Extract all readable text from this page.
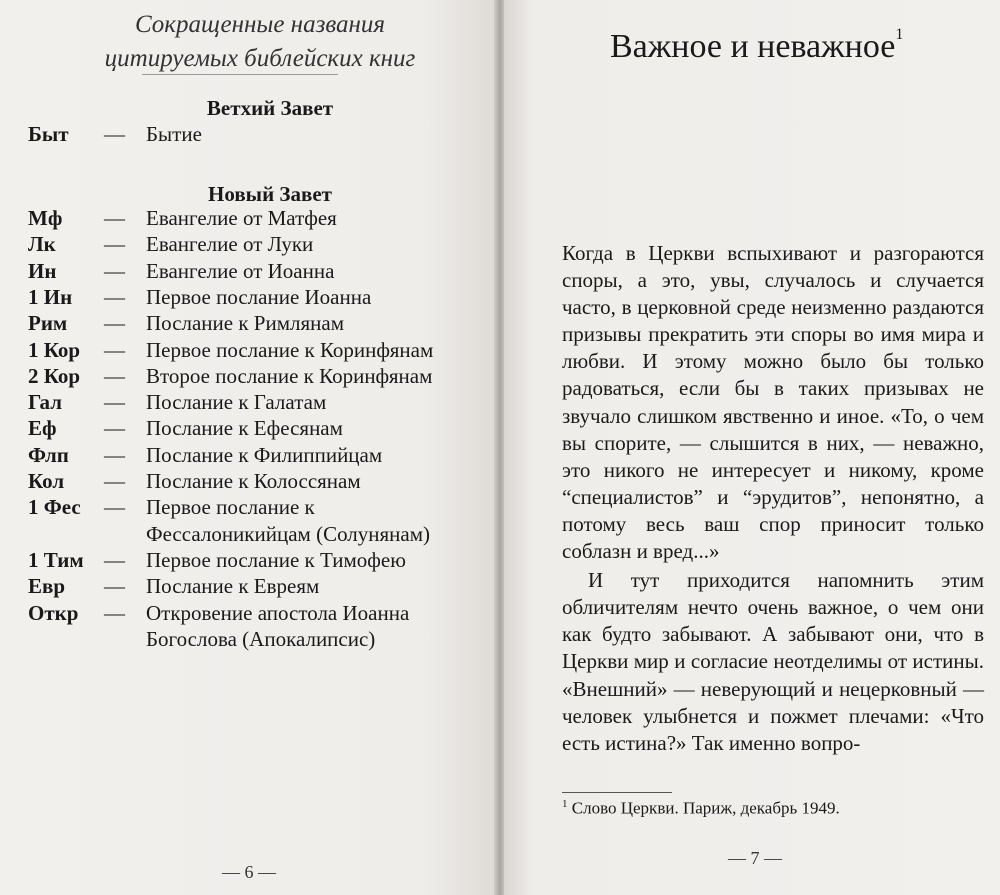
Сокращенные названия
цитируемых библейских книг
Ветхий Завет
Быт — Бытие
Новый Завет
Мф — Евангелие от Матфея
Лк — Евангелие от Луки
Ин — Евангелие от Иоанна
1 Ин — Первое послание Иоанна
Рим — Послание к Римлянам
1 Кор — Первое послание к Коринфянам
2 Кор — Второе послание к Коринфянам
Гал — Послание к Галатам
Еф — Послание к Ефесянам
Флп — Послание к Филиппийцам
Кол — Послание к Колоссянам
1 Фес — Первое послание к
Фессалоникийцам (Солунянам)
1 Тим — Первое послание к Тимофею
Евр — Послание к Евреям
Откр — Откровение апостола Иоанна
Богослова (Апокалипсис)
— 6 —
Важное и неважное$^1$

Когда в Церкви вспыхивают и разгораются споры, а это, увы, случалось и случается часто, в церковной среде неизменно раздаются призывы прекратить эти споры во имя мира и любви. И этому можно было бы только радоваться, если бы в таких призывах не звучало слишком явственно и иное. «То, о чем вы спорите, — слышится в них, — неважно, это никого не интересует и никому, кроме “специалистов” и “эрудитов”, непонятно, а потому весь ваш спор приносит только соблазн и вред...»

И тут приходится напомнить этим обличителям нечто очень важное, о чем они как будто забывают. А забывают они, что в Церкви мир и согласие неотделимы от истины. «Внешний» — неверующий и нецерковный — человек улыбнется и пожмет плечами: «Что есть истина?» Так именно вопро-

$^1$ Слово Церкви. Париж, декабрь 1949.
— 7 —
